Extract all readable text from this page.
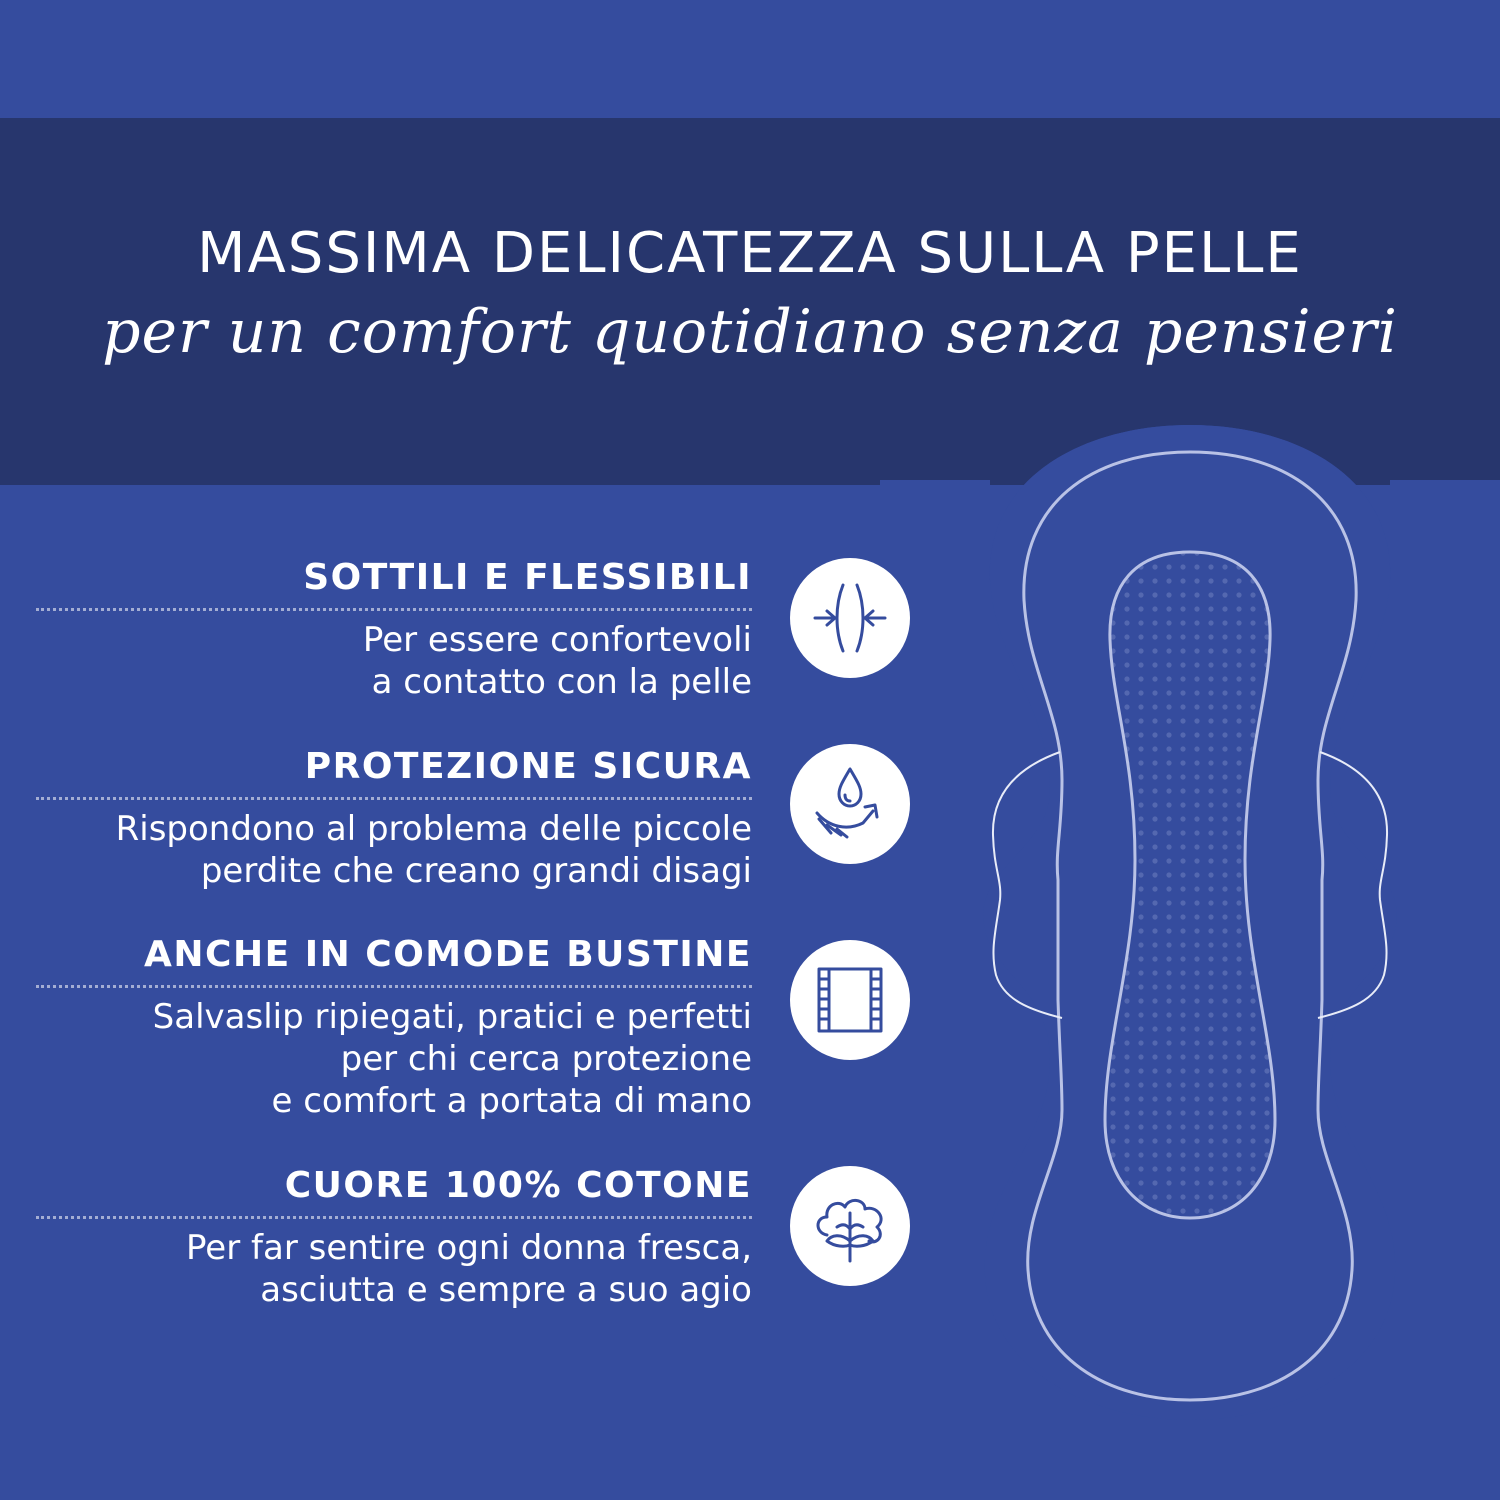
MASSIMA DELICATEZZA SULLA PELLE
per un comfort quotidiano senza pensieri
SOTTILI E FLESSIBILI
Per essere confortevoli
a contatto con la pelle
PROTEZIONE SICURA
Rispondono al problema delle piccole
perdite che creano grandi disagi
ANCHE IN COMODE BUSTINE
Salvaslip ripiegati, pratici e perfetti
per chi cerca protezione
e comfort a portata di mano
CUORE 100% COTONE
Per far sentire ogni donna fresca,
asciutta e sempre a suo agio
